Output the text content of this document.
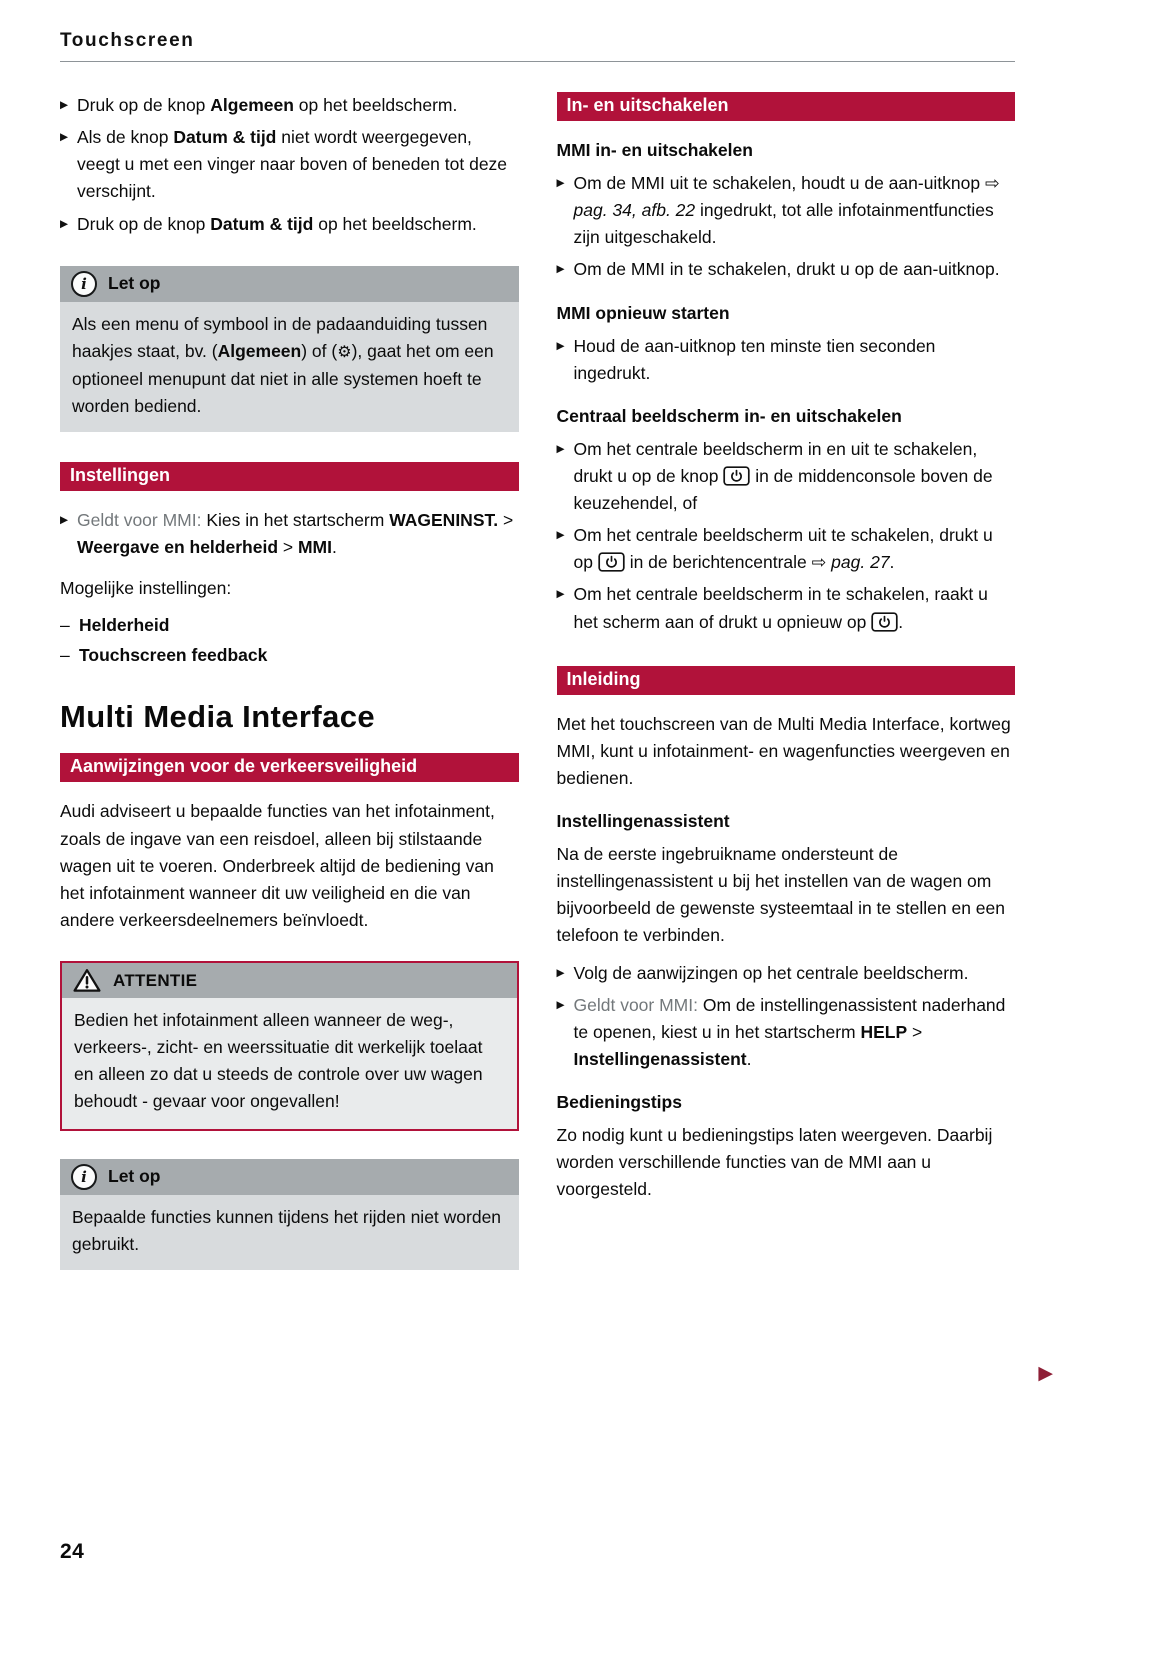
Touchscreen
▶ Druk op de knop Algemeen op het beeldscherm.
▶ Als de knop Datum & tijd niet wordt weergegeven, veegt u met een vinger naar boven of beneden tot deze verschijnt.
▶ Druk op de knop Datum & tijd op het beeldscherm.
i Let op
Als een menu of symbool in de padaanduiding tussen haakjes staat, bv. (Algemeen) of (⚙), gaat het om een optioneel menupunt dat niet in alle systemen hoeft te worden bediend.
Instellingen
▶ Geldt voor MMI: Kies in het startscherm WAGENINST. > Weergave en helderheid > MMI.

Mogelijke instellingen:

– Helderheid
– Touchscreen feedback
Multi Media Interface
Aanwijzingen voor de verkeersveiligheid

Audi adviseert u bepaalde functies van het infotainment, zoals de ingave van een reisdoel, alleen bij stilstaande wagen uit te voeren. Onderbreek altijd de bediening van het infotainment wanneer dit uw veiligheid en die van andere verkeersdeelnemers beïnvloedt.

ATTENTIE
Bedien het infotainment alleen wanneer de weg-, verkeers-, zicht- en weerssituatie dit werkelijk toelaat en alleen zo dat u steeds de controle over uw wagen behoudt - gevaar voor ongevallen!
i Let op
Bepaalde functies kunnen tijdens het rijden niet worden gebruikt.
In- en uitschakelen
MMI in- en uitschakelen
▶ Om de MMI uit te schakelen, houdt u de aan-uitknop ⇨ pag. 34, afb. 22 ingedrukt, tot alle infotainmentfuncties zijn uitgeschakeld.
▶ Om de MMI in te schakelen, drukt u op de aan-uitknop.
MMI opnieuw starten
▶ Houd de aan-uitknop ten minste tien seconden ingedrukt.
Centraal beeldscherm in- en uitschakelen
▶ Om het centrale beeldscherm in en uit te schakelen, drukt u op de knop  in de middenconsole boven de keuzehendel, of
▶ Om het centrale beeldscherm uit te schakelen, drukt u op  in de berichtencentrale ⇨ pag. 27.
▶ Om het centrale beeldscherm in te schakelen, raakt u het scherm aan of drukt u opnieuw op .
Inleiding

Met het touchscreen van de Multi Media Interface, kortweg MMI, kunt u infotainment- en wagenfuncties weergeven en bedienen.

Instellingenassistent

Na de eerste ingebruikname ondersteunt de instellingenassistent u bij het instellen van de wagen om bijvoorbeeld de gewenste systeemtaal in te stellen en een telefoon te verbinden.

▶ Volg de aanwijzingen op het centrale beeldscherm.
▶ Geldt voor MMI: Om de instellingenassistent naderhand te openen, kiest u in het startscherm HELP > Instellingenassistent.
Bedieningstips

Zo nodig kunt u bedieningstips laten weergeven. Daarbij worden verschillende functies van de MMI aan u voorgesteld.

▶
24
